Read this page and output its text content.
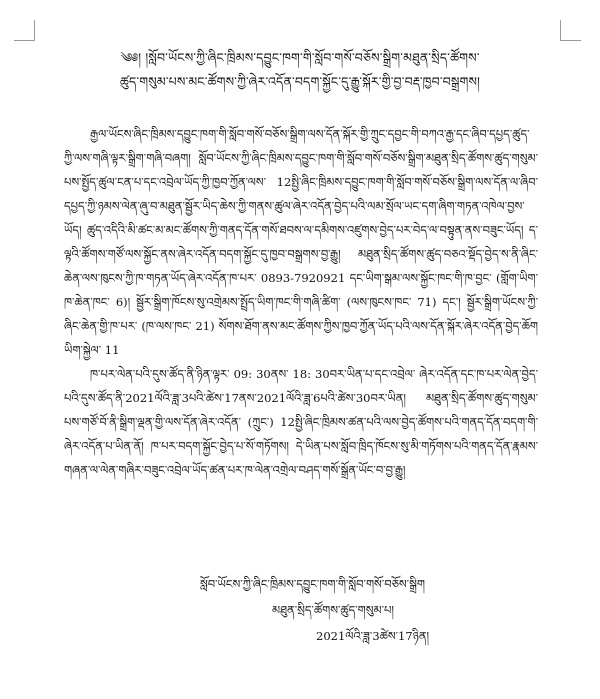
༄༅། །སློབ་ཡོངས་ཀྱི་ཞིང་ཁྲིམས་དབྱུང་ཁག་གི་སློབ་གསོ་བཅོས་སྒྲིག་མཐུན་སྲིད་ཚོགས་

ཚུད་གསུམ་པས་མང་ཚོགས་ཀྱི་ཞེར་འདོན་བདག་སྐྱོང་དུ་རྒྱུ་སྐོར་གྱི་བྱ་བརྡ་ཁྱབ་བསྒྲགས།

རྒྱལ་ཡོངས་ཞིང་ཁྲིམས་དབྱུང་ཁག་གི་སློབ་གསོ་བཅོས་སྒྲིག་ལས་དོན་སྐོར་གྱི་ཀྲུང་དབྱང་གི་བཀའ་རྒྱ་དང་ཞིབ་དཔྱད་ཚུད་ཀྱི་ལས་གཞི་ལྟར་སྒྲིག་གཞི་བཞག། སློབ་ཡོངས་ཀྱི་ཞིང་ཁྲིམས་དབྱུང་ཁག་གི་སློབ་གསོ་བཅོས་སྒྲིག་མཐུན་སྲིད་ཚོགས་ཚུད་གསུམ་པས་སྤྱོད་ཚུལ་ངན་པ་དང་འབྲེལ་ཡོད་ཀྱི་ཁྱབ་ཀྱོན་ལས་ 12སྤྱི་ཞིང་ཁྲིམས་དབྱུང་ཁག་གི་སློབ་གསོ་བཅོས་སྒྲིག་ལས་དོན་ལ་ཞིབ་དཔྱད་ཀྱི་ཉམས་ལེན་ཞུ་བ་མཐུན་སྦྱོར་ཡིད་ཆེས་ཀྱི་གནས་ཚུལ་ཞེར་འདོན་བྱེད་པའི་ལམ་སྲོལ་ཡང་དག་ཞིག་གཏན་འཁེལ་བྱས་ཡོད། ཚུད་འདིའི་མི་ཚང་མ་མང་ཚོགས་ཀྱི་གནད་དོན་གསོ་ཐབས་ལ་དམིགས་འཛུགས་བྱེད་པར་བེད་ལ་བསྟུན་ནས་བཟུང་ཡོད། ད་ལྟའི་ཚོགས་གཙོ་ལས་སྐྱོང་ནས་ཞེར་འདོན་བདག་སྐྱོང་དུ་ཁྱབ་བསྒྲགས་བྱ་རྒྱུ། མཐུན་སྲིད་ཚོགས་ཚུད་བཅའ་སྡོད་བྱེད་ས་ནི་ཞིང་ཆེན་ལས་ཁུངས་ཀྱི་ཁ་གཏན་ཡོད་ཞེར་འདོན་ཁ་པར་ 0893-7920921 དང་ཡིག་སྒམ་ལས་སྐྱོང་ཁང་གི་ཁ་བྱང་ (གློག་ཡིག་ཁ་ཆེན་ཁང་ 6)། སྦྱོར་སྒྲིག་ཁོངས་སུ་འགྲེམས་སྤྲོད་ཡིག་ཁང་གི་གཞི་ཚིག་ (ལས་ཁུངས་ཁང་ 71) དང་། སྦྱོར་སྒྲིག་ཡོངས་ཀྱི་ཞིང་ཆེན་གྱི་ཁ་པར་ (ཁ་ལས་ཁང་ 21) སོགས་ཐོག་ནས་མང་ཚོགས་ཀྱིས་ཁྱབ་ཀྱོན་ཡོད་པའི་ལས་དོན་སྐོར་ཞེར་འདོན་བྱེད་ཆོག ཡིག་སྐྱེལ་ 11

ཁ་པར་ལེན་པའི་དུས་ཚོད་ནི་ཉིན་ལྟར་ 09: 30ནས་ 18: 30བར་ཡིན་པ་དང་འབྲེལ་ ཞེར་འདོན་དང་ཁ་པར་ལེན་བྱེད་པའི་དུས་ཚོད་ནི་2021ལོའི་ཟླ་3པའི་ཚེས་17ནས་2021ལོའི་ཟླ་6པའི་ཚེས་30བར་ཡིན། མཐུན་སྲིད་ཚོགས་ཚུད་གསུམ་པས་གཙོ་བོ་ནི་སྒྲིག་ལྡན་གྱི་ལས་དོན་ཞེར་འདོན་ (ཀྲུང་) 12སྤྱི་ཞིང་ཁྲིམས་ཚན་པའི་ལས་བྱེད་ཚོགས་པའི་གནད་དོན་བདག་གི་ཞེར་འདོན་པ་ཡིན་ནོ། ཁ་པར་བདག་སྐྱོང་བྱེད་པ་སོ་གཏོགས། དེ་ཡིན་པས་སློབ་ཁྲིད་ཁོངས་སུ་མི་གཏོགས་པའི་གནད་དོན་རྣམས་གཞན་ལ་ལེན་གཞིར་བཟུང་འབྲེལ་ཡོད་ཚན་པར་ཁ་ལེན་འགྲེལ་བཤད་གསོ་སྒྲོན་ཡོང་བ་བྱ་རྒྱུ།

སློབ་ཡོངས་ཀྱི་ཞིང་ཁྲིམས་དབྱུང་ཁག་གི་སློབ་གསོ་བཅོས་སྒྲིག
མཐུན་སྲིད་ཚོགས་ཚུད་གསུམ་པ།
2021ལོའི་ཟླ་3ཚེས་17ཉིན།
